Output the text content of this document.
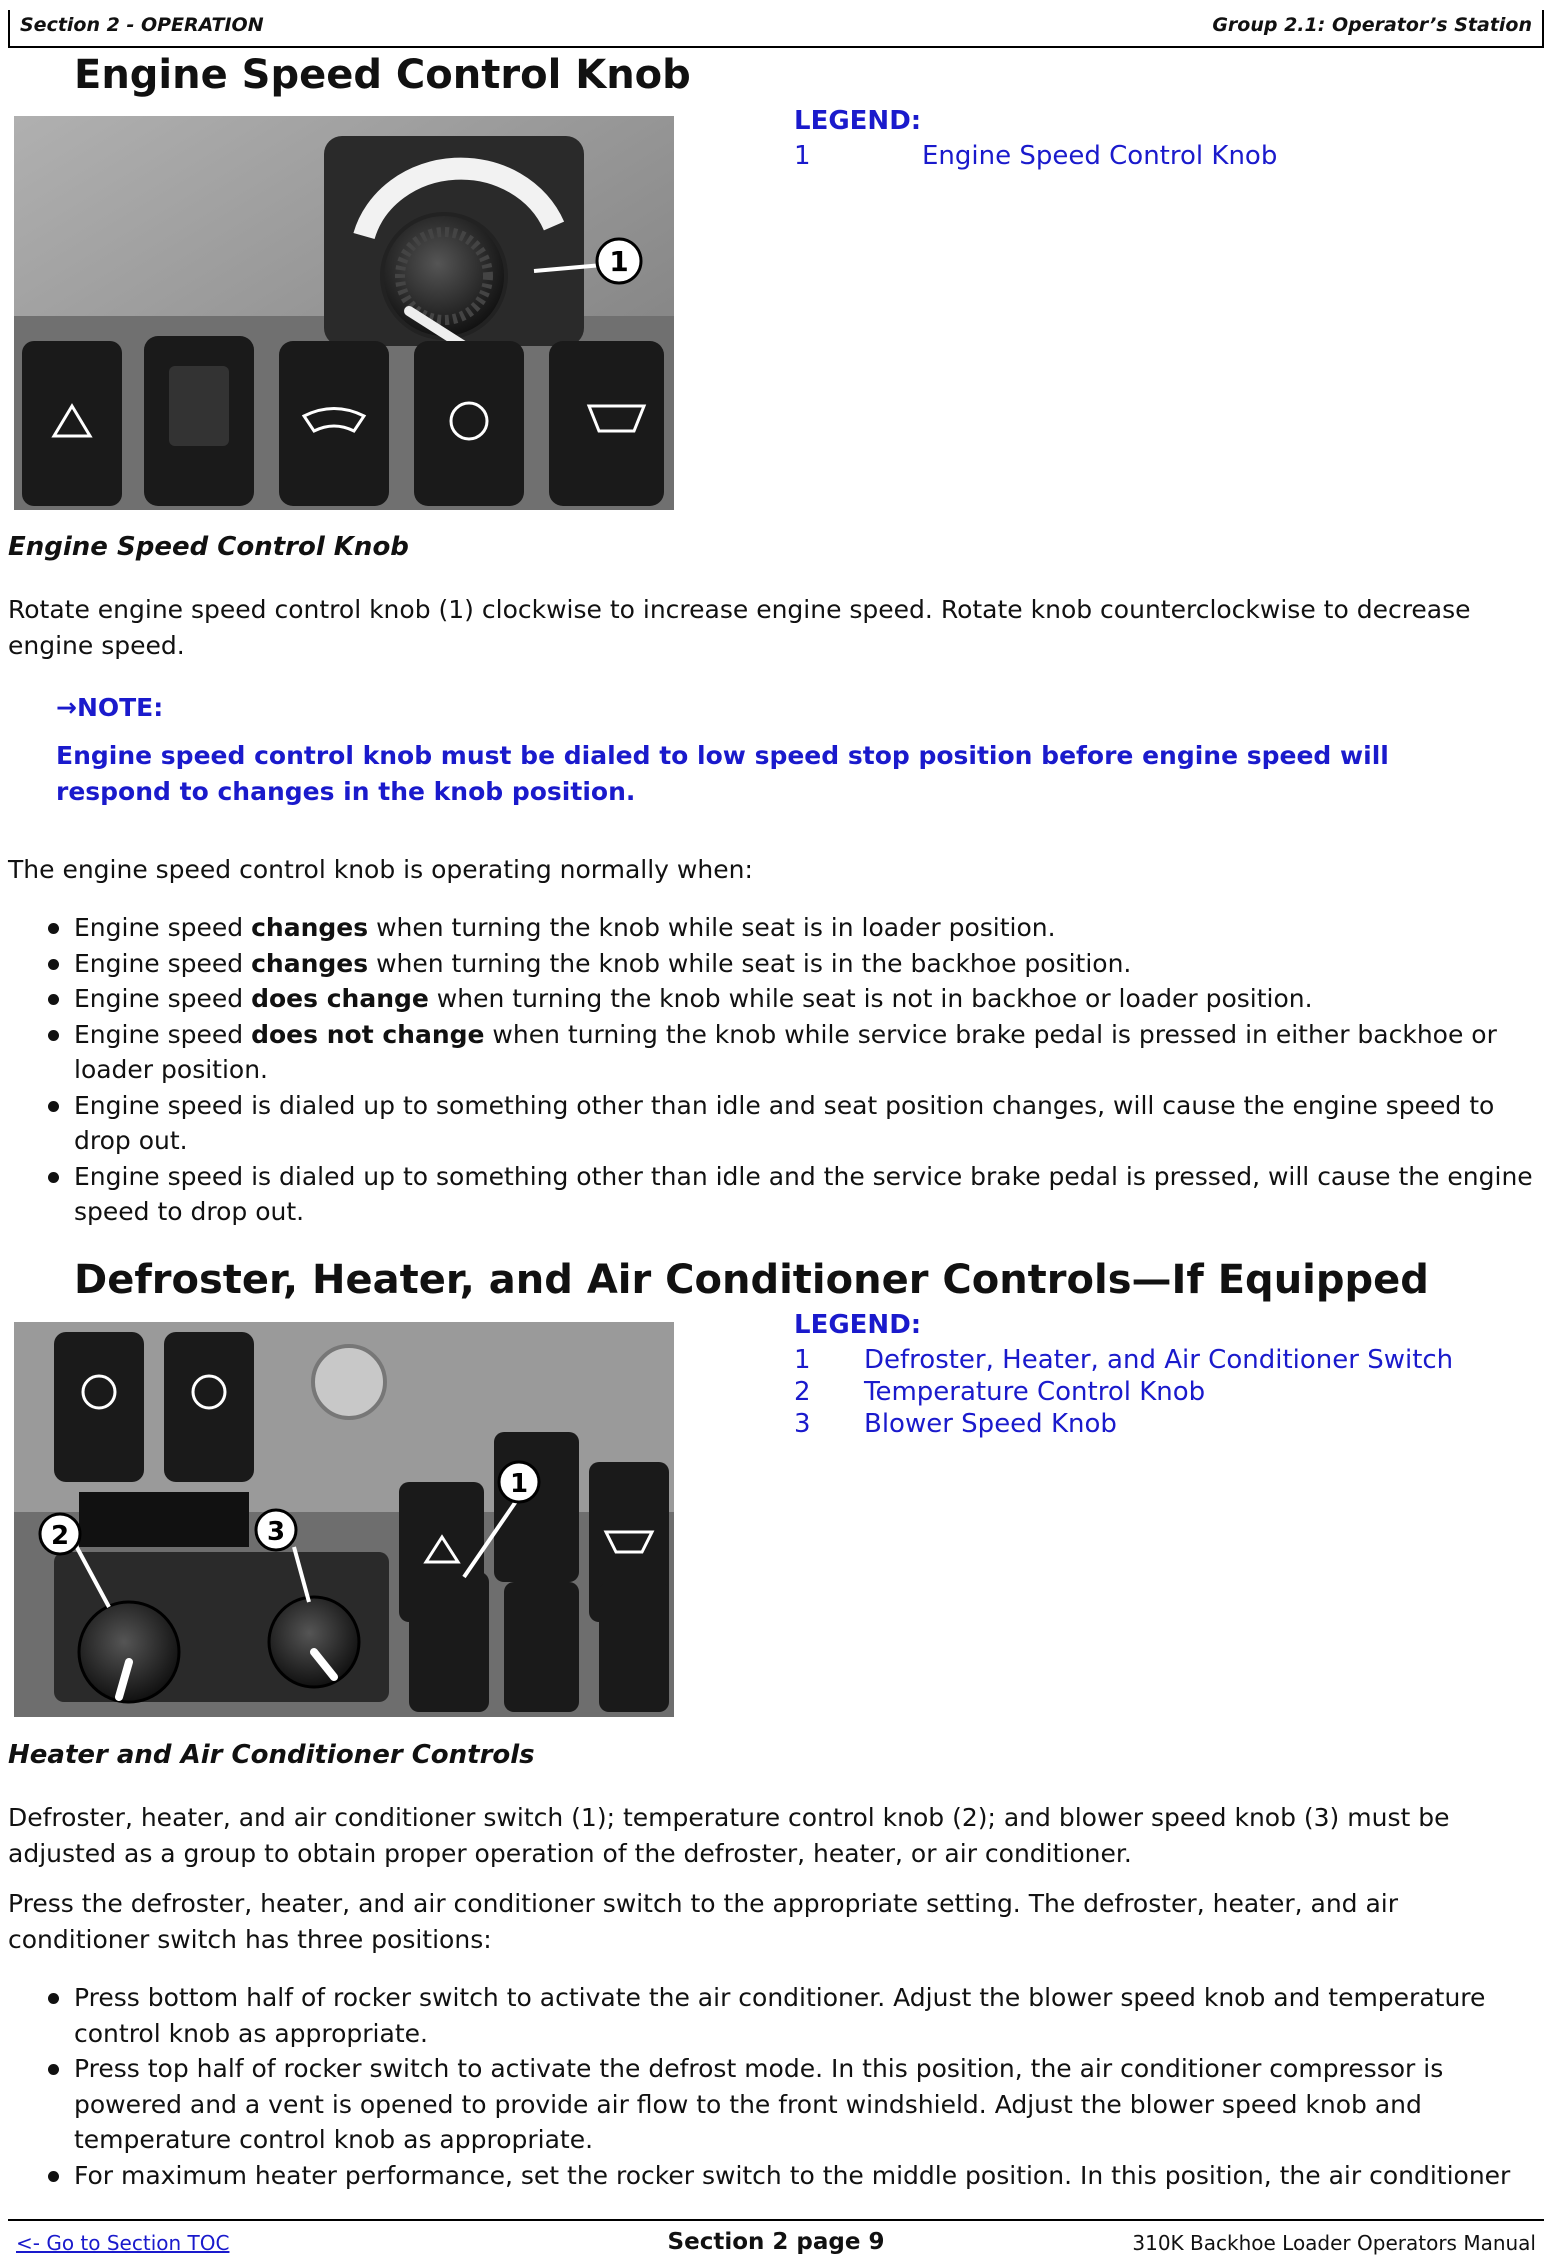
Section 2 - OPERATION	Group 2.1: Operator’s Station
Engine Speed Control Knob
1
LEGEND:
1	Engine Speed Control Knob

Engine Speed Control Knob

Rotate engine speed control knob (1) clockwise to increase engine speed. Rotate knob counterclockwise to decrease engine speed.

→NOTE:
Engine speed control knob must be dialed to low speed stop position before engine speed will respond to changes in the knob position.

The engine speed control knob is operating normally when:

Engine speed changes when turning the knob while seat is in loader position.
Engine speed changes when turning the knob while seat is in the backhoe position.
Engine speed does change when turning the knob while seat is not in backhoe or loader position.
Engine speed does not change when turning the knob while service brake pedal is pressed in either backhoe or loader position.
Engine speed is dialed up to something other than idle and seat position changes, will cause the engine speed to drop out.
Engine speed is dialed up to something other than idle and the service brake pedal is pressed, will cause the engine speed to drop out.
Defroster, Heater, and Air Conditioner Controls—If Equipped
1
2	3
LEGEND:
1	Defroster, Heater, and Air Conditioner Switch
2	Temperature Control Knob
3	Blower Speed Knob

Heater and Air Conditioner Controls

Defroster, heater, and air conditioner switch (1); temperature control knob (2); and blower speed knob (3) must be adjusted as a group to obtain proper operation of the defroster, heater, or air conditioner.

Press the defroster, heater, and air conditioner switch to the appropriate setting. The defroster, heater, and air conditioner switch has three positions:

Press bottom half of rocker switch to activate the air conditioner. Adjust the blower speed knob and temperature control knob as appropriate.
Press top half of rocker switch to activate the defrost mode. In this position, the air conditioner compressor is powered and a vent is opened to provide air flow to the front windshield. Adjust the blower speed knob and temperature control knob as appropriate.
For maximum heater performance, set the rocker switch to the middle position. In this position, the air conditioner
<- Go to Section TOC	Section 2 page 9	310K Backhoe Loader Operators Manual
